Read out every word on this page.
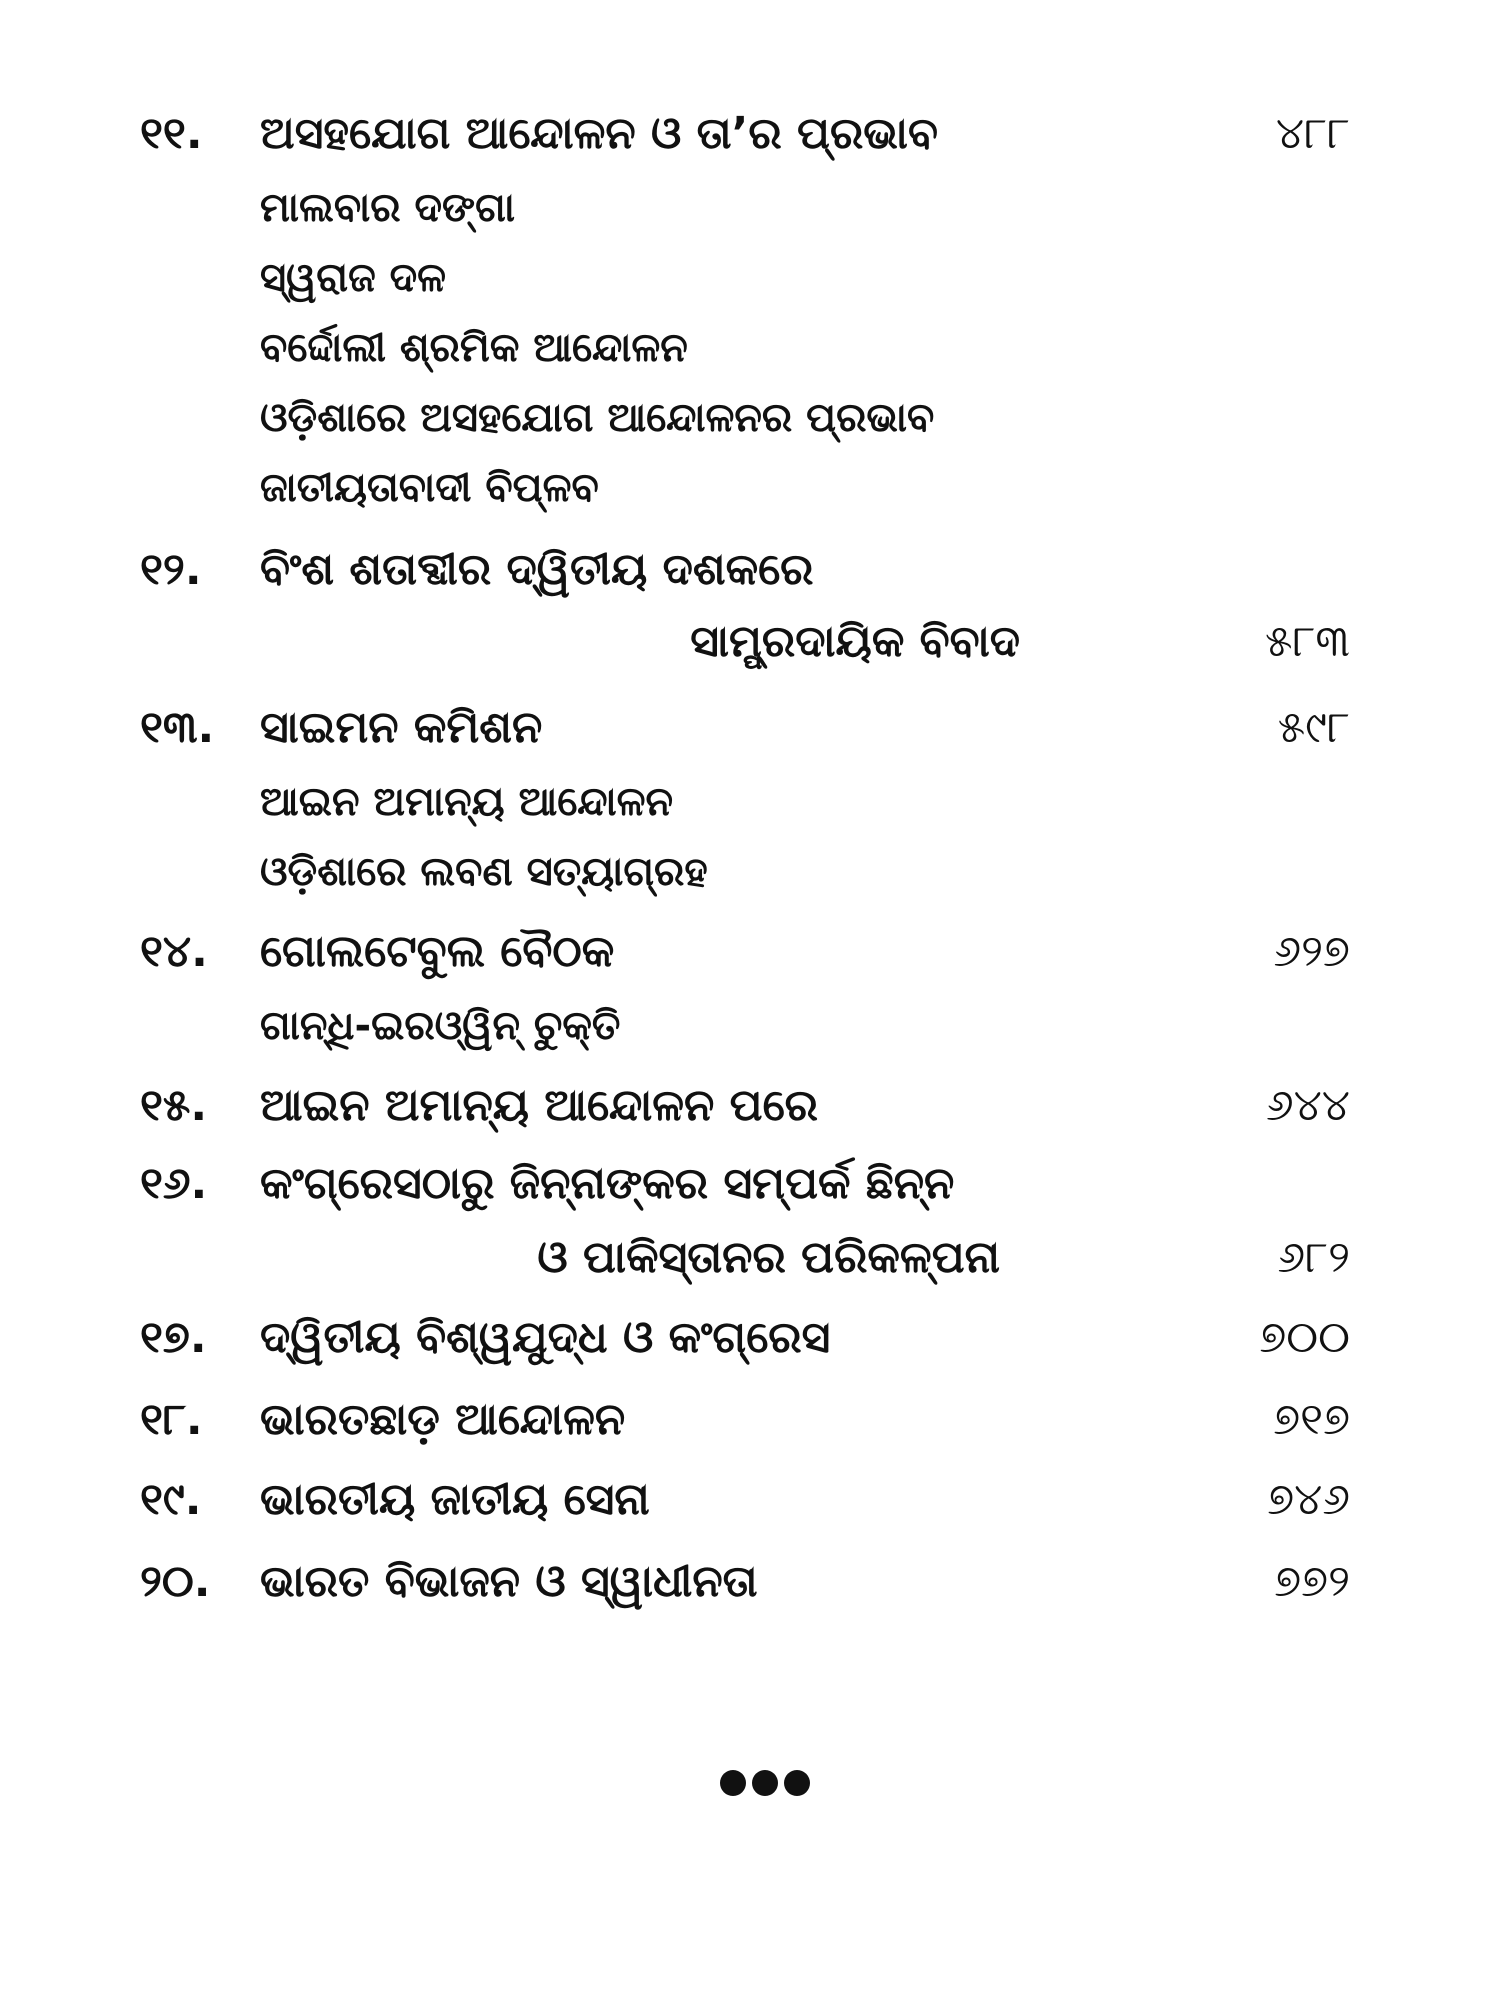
୧୧. ଅସହଯୋଗ ଆନ୍ଦୋଳନ ଓ ତା’ର ପ୍ରଭାବ	୪୮୮
ମାଲବାର ଦଙ୍ଗା
ସ୍ୱରାଜ ଦଳ
ବର୍ଦ୍ଦୋଲୀ ଶ୍ରମିକ ଆନ୍ଦୋଳନ
ଓଡ଼ିଶାରେ ଅସହଯୋଗ ଆନ୍ଦୋଳନର ପ୍ରଭାବ
ଜାତୀୟତାବାଦୀ ବିପ୍ଳବ
୧୨. ବିଂଶ ଶତାବ୍ଦୀର ଦ୍ୱିତୀୟ ଦଶକରେ
ସାମ୍ପ୍ରଦାୟିକ ବିବାଦ	୫୮୩
୧୩. ସାଇମନ କମିଶନ	୫୯୮
ଆଇନ ଅମାନ୍ୟ ଆନ୍ଦୋଳନ
ଓଡ଼ିଶାରେ ଲବଣ ସତ୍ୟାଗ୍ରହ
୧୪. ଗୋଲଟେବୁଲ ବୈଠକ	୬୨୭
ଗାନ୍ଧି-ଇରଓ୍ୱିନ୍ ଚୁକ୍ତି
୧୫. ଆଇନ ଅମାନ୍ୟ ଆନ୍ଦୋଳନ ପରେ	୬୪୪
୧୬. କଂଗ୍ରେସଠାରୁ ଜିନ୍ନାଙ୍କର ସମ୍ପର୍କ ଛିନ୍ନ
ଓ ପାକିସ୍ତାନର ପରିକଳ୍ପନା	୬୮୨
୧୭. ଦ୍ୱିତୀୟ ବିଶ୍ୱଯୁଦ୍ଧ ଓ କଂଗ୍ରେସ	୭୦୦
୧୮. ଭାରତଛାଡ଼ ଆନ୍ଦୋଳନ	୭୧୭
୧୯. ଭାରତୀୟ ଜାତୀୟ ସେନା	୭୪୬
୨୦. ଭାରତ ବିଭାଜନ ଓ ସ୍ୱାଧୀନତା	୭୭୨
